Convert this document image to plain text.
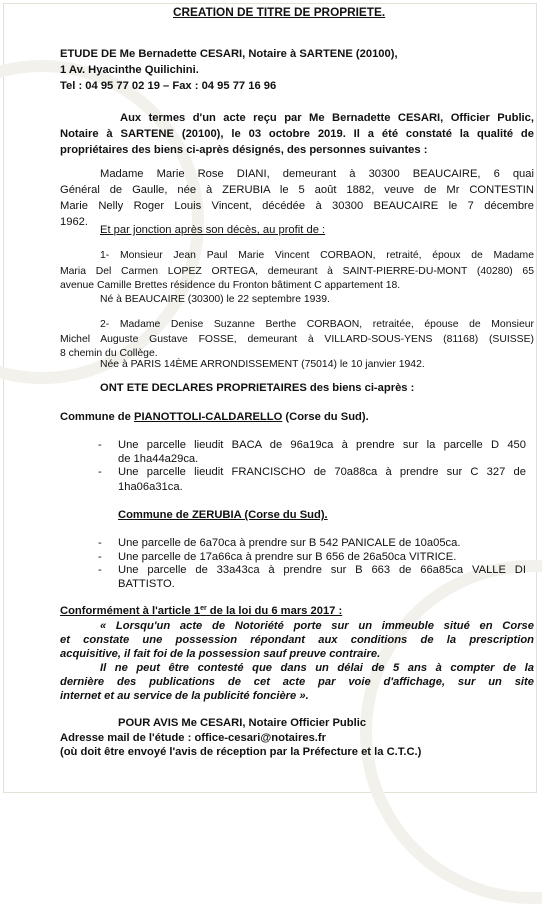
CREATION DE TITRE DE PROPRIETE.
ETUDE DE Me Bernadette CESARI, Notaire à SARTENE (20100),
1 Av. Hyacinthe Quilichini.
Tel : 04 95 77 02 19 – Fax : 04 95 77 16 96
Aux termes d'un acte reçu par Me Bernadette CESARI, Officier Public,
Notaire à SARTENE (20100), le 03 octobre 2019. Il a été constaté la qualité de
propriétaires des biens ci-après désignés, des personnes suivantes :
Madame Marie Rose DIANI, demeurant à 30300 BEAUCAIRE, 6 quai
Général de Gaulle, née à ZERUBIA le 5 août 1882, veuve de Mr CONTESTIN
Marie Nelly Roger Louis Vincent, décédée à 30300 BEAUCAIRE le 7 décembre
1962.
Et par jonction après son décès, au profit de :
1- Monsieur Jean Paul Marie Vincent CORBAON, retraité, époux de Madame
Maria Del Carmen LOPEZ ORTEGA, demeurant à SAINT-PIERRE-DU-MONT (40280) 65
avenue Camille Brettes résidence du Fronton bâtiment C appartement 18.
Né à BEAUCAIRE (30300) le 22 septembre 1939.
2- Madame Denise Suzanne Berthe CORBAON, retraitée, épouse de Monsieur
Michel Auguste Gustave FOSSE, demeurant à VILLARD-SOUS-YENS (81168) (SUISSE)
8 chemin du Collège.
Née à PARIS 14ÈME ARRONDISSEMENT (75014) le 10 janvier 1942.
ONT ETE DECLARES PROPRIETAIRES des biens ci-après :
Commune de PIANOTTOLI-CALDARELLO (Corse du Sud).
- Une parcelle lieudit BACA de 96a19ca à prendre sur la parcelle D 450
de 1ha44a29ca.
- Une parcelle lieudit FRANCISCHO de 70a88ca à prendre sur C 327 de
1ha06a31ca.
Commune de ZERUBIA (Corse du Sud).
- Une parcelle de 6a70ca à prendre sur B 542 PANICALE de 10a05ca.
- Une parcelle de 17a66ca à prendre sur B 656 de 26a50ca VITRICE.
- Une parcelle de 33a43ca à prendre sur B 663 de 66a85ca VALLE DI
BATTISTO.
Conformément à l'article 1er de la loi du 6 mars 2017 :
« Lorsqu'un acte de Notoriété porte sur un immeuble situé en Corse
et constate une possession répondant aux conditions de la prescription
acquisitive, il fait foi de la possession sauf preuve contraire.
Il ne peut être contesté que dans un délai de 5 ans à compter de la
dernière des publications de cet acte par voie d'affichage, sur un site
internet et au service de la publicité foncière ».
POUR AVIS Me CESARI, Notaire Officier Public
Adresse mail de l'étude : office-cesari@notaires.fr
(où doit être envoyé l'avis de réception par la Préfecture et la C.T.C.)
